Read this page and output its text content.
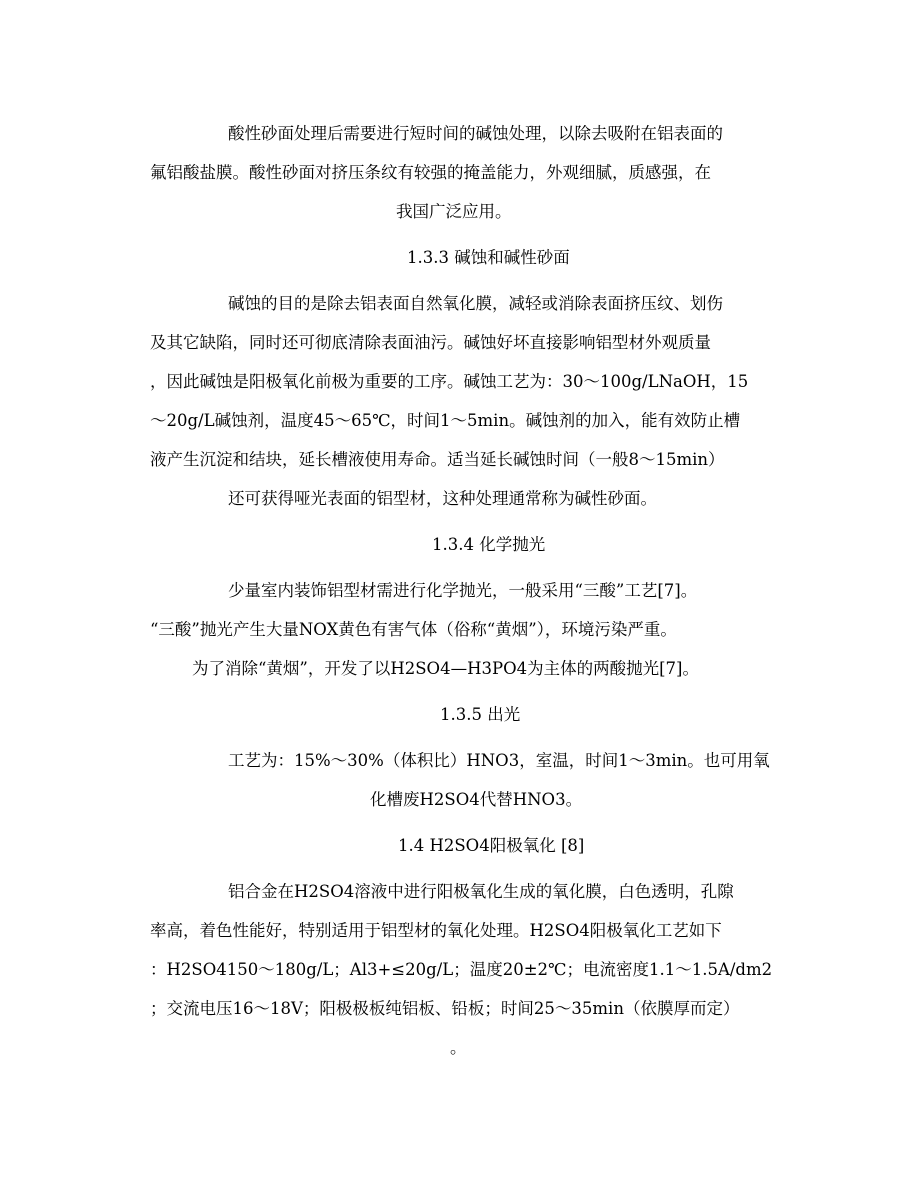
酸性砂面处理后需要进行短时间的碱蚀处理，以除去吸附在铝表面的
氟铝酸盐膜。酸性砂面对挤压条纹有较强的掩盖能力，外观细腻，质感强，在
我国广泛应用。
1.3.3 碱蚀和碱性砂面
碱蚀的目的是除去铝表面自然氧化膜，减轻或消除表面挤压纹、划伤
及其它缺陷，同时还可彻底清除表面油污。碱蚀好坏直接影响铝型材外观质量
，因此碱蚀是阳极氧化前极为重要的工序。碱蚀工艺为：30～100g/LNaOH，15
～20g/L碱蚀剂，温度45～65℃，时间1～5min。碱蚀剂的加入，能有效防止槽
液产生沉淀和结块，延长槽液使用寿命。适当延长碱蚀时间（一般8～15min）
还可获得哑光表面的铝型材，这种处理通常称为碱性砂面。
1.3.4 化学抛光
少量室内装饰铝型材需进行化学抛光，一般采用“三酸”工艺[7]。
“三酸”抛光产生大量NOX黄色有害气体（俗称“黄烟”），环境污染严重。
为了消除“黄烟”，开发了以H2SO4—H3PO4为主体的两酸抛光[7]。
1.3.5 出光
工艺为：15%～30%（体积比）HNO3，室温，时间1～3min。也可用氧
化槽废H2SO4代替HNO3。
1.4 H2SO4阳极氧化 [8]
铝合金在H2SO4溶液中进行阳极氧化生成的氧化膜，白色透明，孔隙
率高，着色性能好，特别适用于铝型材的氧化处理。H2SO4阳极氧化工艺如下
：H2SO4150～180g/L；Al3+≤20g/L；温度20±2℃；电流密度1.1～1.5A/dm2
；交流电压16～18V；阳极极板纯铝板、铅板；时间25～35min（依膜厚而定）
。
